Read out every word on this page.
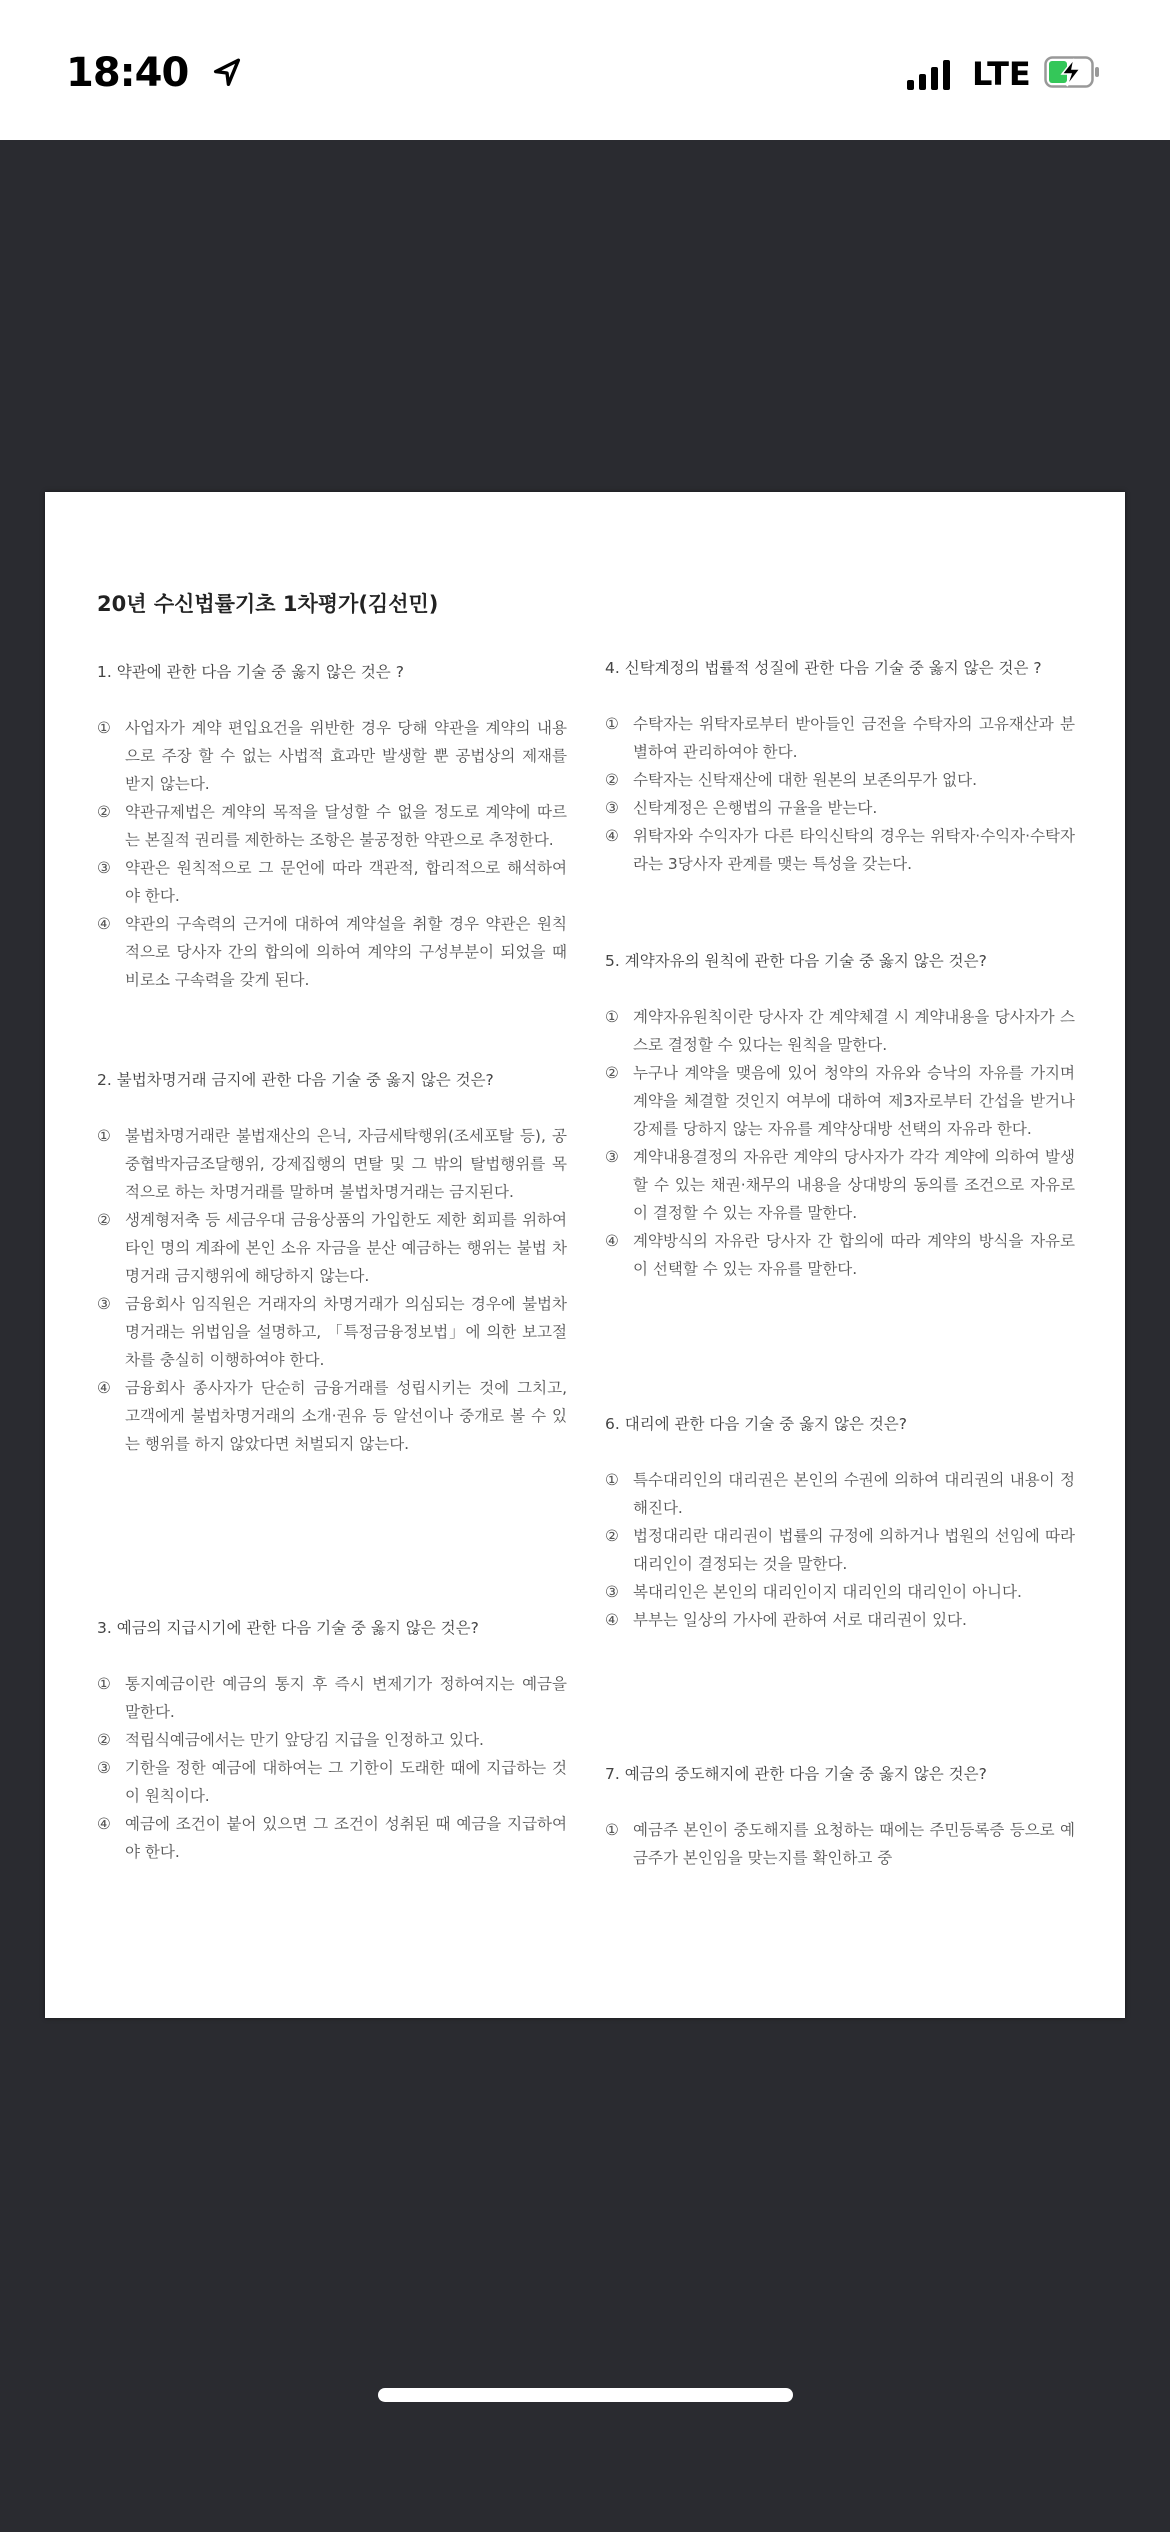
18:40	LTE
20년 수신법률기초 1차평가(김선민)
1. 약관에 관한 다음 기술 중 옳지 않은 것은 ?
① 사업자가 계약 편입요건을 위반한 경우 당해 약관을 계약의 내용으로 주장 할 수 없는 사법적 효과만 발생할 뿐 공법상의 제재를 받지 않는다.
② 약관규제법은 계약의 목적을 달성할 수 없을 정도로 계약에 따르는 본질적 권리를 제한하는 조항은 불공정한 약관으로 추정한다.
③ 약관은 원칙적으로 그 문언에 따라 객관적, 합리적으로 해석하여야 한다.
④ 약관의 구속력의 근거에 대하여 계약설을 취할 경우 약관은 원칙적으로 당사자 간의 합의에 의하여 계약의 구성부분이 되었을 때 비로소 구속력을 갖게 된다.
2. 불법차명거래 금지에 관한 다음 기술 중 옳지 않은 것은?
① 불법차명거래란 불법재산의 은닉, 자금세탁행위(조세포탈 등), 공중협박자금조달행위, 강제집행의 면탈 및 그 밖의 탈법행위를 목적으로 하는 차명거래를 말하며 불법차명거래는 금지된다.
② 생계형저축 등 세금우대 금융상품의 가입한도 제한 회피를 위하여 타인 명의 계좌에 본인 소유 자금을 분산 예금하는 행위는 불법 차명거래 금지행위에 해당하지 않는다.
③ 금융회사 임직원은 거래자의 차명거래가 의심되는 경우에 불법차명거래는 위법임을 설명하고, 「특정금융정보법」에 의한 보고절차를 충실히 이행하여야 한다.
④ 금융회사 종사자가 단순히 금융거래를 성립시키는 것에 그치고, 고객에게 불법차명거래의 소개·권유 등 알선이나 중개로 볼 수 있는 행위를 하지 않았다면 처벌되지 않는다.
3. 예금의 지급시기에 관한 다음 기술 중 옳지 않은 것은?
① 통지예금이란 예금의 통지 후 즉시 변제기가 정하여지는 예금을 말한다.
② 적립식예금에서는 만기 앞당김 지급을 인정하고 있다.
③ 기한을 정한 예금에 대하여는 그 기한이 도래한 때에 지급하는 것이 원칙이다.
④ 예금에 조건이 붙어 있으면 그 조건이 성취된 때 예금을 지급하여야 한다.
4. 신탁계정의 법률적 성질에 관한 다음 기술 중 옳지 않은 것은 ?
① 수탁자는 위탁자로부터 받아들인 금전을 수탁자의 고유재산과 분별하여 관리하여야 한다.
② 수탁자는 신탁재산에 대한 원본의 보존의무가 없다.
③ 신탁계정은 은행법의 규율을 받는다.
④ 위탁자와 수익자가 다른 타익신탁의 경우는 위탁자·수익자·수탁자라는 3당사자 관계를 맺는 특성을 갖는다.
5. 계약자유의 원칙에 관한 다음 기술 중 옳지 않은 것은?
① 계약자유원칙이란 당사자 간 계약체결 시 계약내용을 당사자가 스스로 결정할 수 있다는 원칙을 말한다.
② 누구나 계약을 맺음에 있어 청약의 자유와 승낙의 자유를 가지며 계약을 체결할 것인지 여부에 대하여 제3자로부터 간섭을 받거나 강제를 당하지 않는 자유를 계약상대방 선택의 자유라 한다.
③ 계약내용결정의 자유란 계약의 당사자가 각각 계약에 의하여 발생할 수 있는 채권·채무의 내용을 상대방의 동의를 조건으로 자유로이 결정할 수 있는 자유를 말한다.
④ 계약방식의 자유란 당사자 간 합의에 따라 계약의 방식을 자유로이 선택할 수 있는 자유를 말한다.
6. 대리에 관한 다음 기술 중 옳지 않은 것은?
① 특수대리인의 대리권은 본인의 수권에 의하여 대리권의 내용이 정해진다.
② 법정대리란 대리권이 법률의 규정에 의하거나 법원의 선임에 따라 대리인이 결정되는 것을 말한다.
③ 복대리인은 본인의 대리인이지 대리인의 대리인이 아니다.
④ 부부는 일상의 가사에 관하여 서로 대리권이 있다.
7. 예금의 중도해지에 관한 다음 기술 중 옳지 않은 것은?
① 예금주 본인이 중도해지를 요청하는 때에는 주민등록증 등으로 예금주가 본인임을 맞는지를 확인하고 중
